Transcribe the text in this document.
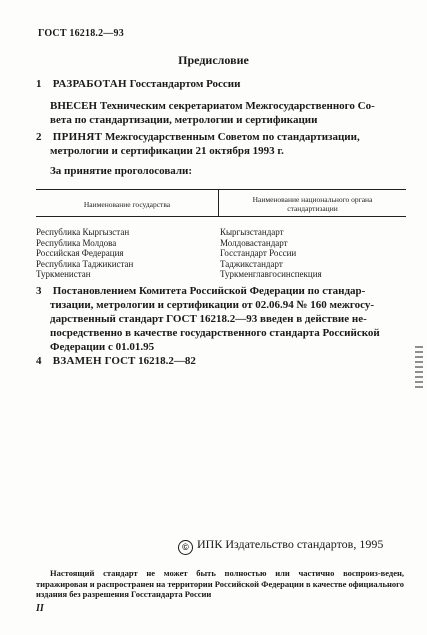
ГОСТ 16218.2—93
Предисловие
1 РАЗРАБОТАН Госстандартом России
ВНЕСЕН Техническим секретариатом Межгосударственного Со-
вета по стандартизации, метрологии и сертификации
2 ПРИНЯТ Межгосударственным Советом по стандартизации,
метрологии и сертификации 21 октября 1993 г.
За принятие проголосовали:
Наименование государства
Наименование национального органа
стандартизации
Республика Кыргызстан
Республика Молдова
Российская Федерация
Республика Таджикистан
Туркменистан
Кыргызстандарт
Молдовастандарт
Госстандарт России
Таджикстандарт
Туркменглавгосинспекция
3 Постановлением Комитета Российской Федерации по стандар-
тизации, метрологии и сертификации от 02.06.94 № 160 межгосу-
дарственный стандарт ГОСТ 16218.2—93 введен в действие не-
посредственно в качестве государственного стандарта Российской
Федерации с 01.01.95
4 ВЗАМЕН ГОСТ 16218.2—82
© ИПК Издательство стандартов, 1995
Настоящий стандарт не может быть полностью или частично воспроиз-веден, тиражирован и распространен на территории Российской Федерации в качестве официального издания без разрешения Госстандарта России
II
